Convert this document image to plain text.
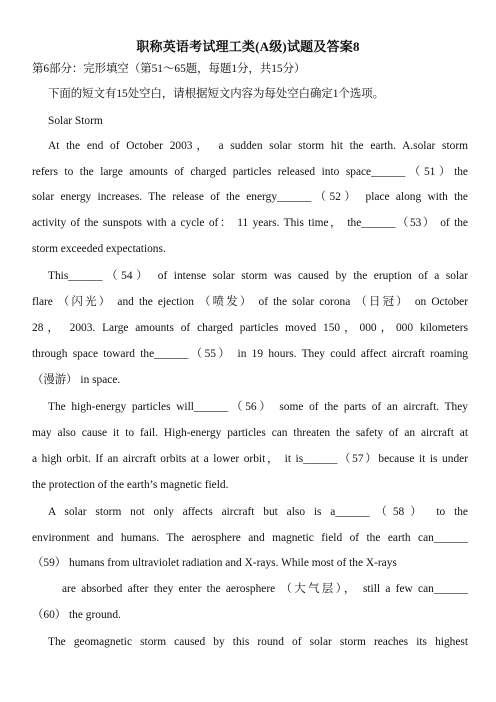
职称英语考试理工类(A级)试题及答案8
第6部分：完形填空（第51～65题，每题1分，共15分）
下面的短文有15处空白，请根据短文内容为每处空白确定1个选项。
Solar Storm
At the end of October 2003， a sudden solar storm hit the earth. A.solar storm
refers to the large amounts of charged particles released into space______（51）the
solar energy increases. The release of the energy______（52） place along with the
activity of the sunspots with a cycle of： 11 years. This time， the______（53） of the
storm exceeded expectations.
This______（54） of intense solar storm was caused by the eruption of a solar
flare （闪光） and the ejection （喷发） of the solar corona （日冠） on October
28， 2003. Large amounts of charged particles moved 150，000，000 kilometers
through space toward the______（55） in 19 hours. They could affect aircraft roaming
（漫游） in space.
The high-energy particles will______（56） some of the parts of an aircraft. They
may also cause it to fail. High-energy particles can threaten the safety of an aircraft at
a high orbit. If an aircraft orbits at a lower orbit， it is______（57）because it is under
the protection of the earth’s magnetic field.
A solar storm not only affects aircraft but also is a______（58） to the
environment and humans. The aerosphere and magnetic field of the earth can______
（59） humans from ultraviolet radiation and X-rays. While most of the X-rays
are absorbed after they enter the aerosphere （大气层）， still a few can______
（60） the ground.
The geomagnetic storm caused by this round of solar storm reaches its highest
